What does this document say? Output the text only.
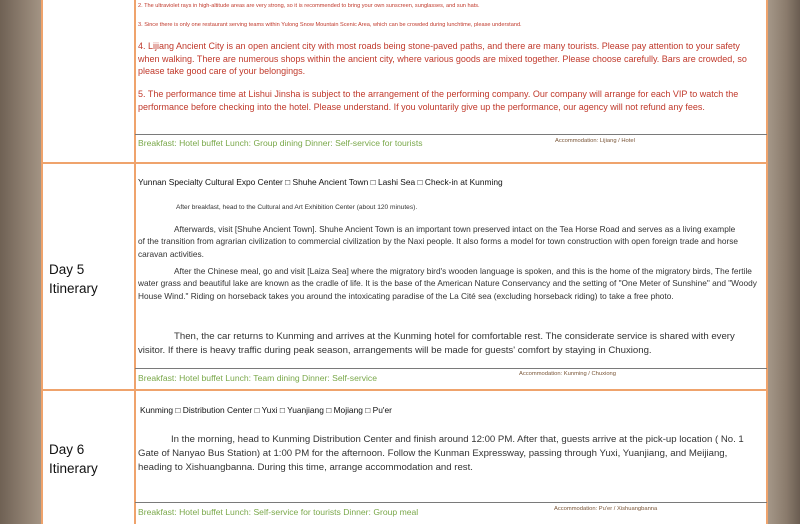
2. The ultraviolet rays in high-altitude areas are very strong, so it is recommended to bring your own sunscreen, sunglasses, and sun hats.

3. Since there is only one restaurant serving teams within Yulong Snow Mountain Scenic Area, which can be crowded during lunchtime, please understand.

4. Lijiang Ancient City is an open ancient city with most roads being stone-paved paths, and there are many tourists. Please pay attention to your safety when walking. There are numerous shops within the ancient city, where various goods are mixed together. Please choose carefully. Bars are crowded, so please take good care of your belongings.

5. The performance time at Lishui Jinsha is subject to the arrangement of the performing company. Our company will arrange for each VIP to watch the performance before checking into the hotel. Please understand. If you voluntarily give up the performance, our agency will not refund any fees.

Breakfast: Hotel buffet Lunch: Group dining Dinner: Self-service for tourists	Accommodation: Lijiang / Hotel

Day 5
Itinerary

Yunnan Specialty Cultural Expo Center □ Shuhe Ancient Town □ Lashi Sea □ Check-in at Kunming

After breakfast, head to the Cultural and Art Exhibition Center (about 120 minutes).

Afterwards, visit [Shuhe Ancient Town]. Shuhe Ancient Town is an important town preserved intact on the Tea Horse Road and serves as a living example of the transition from agrarian civilization to commercial civilization by the Naxi people. It also forms a model for town construction with open foreign trade and horse caravan activities.

After the Chinese meal, go and visit [Laiza Sea] where the migratory bird's wooden language is spoken, and this is the home of the migratory birds, The fertile water grass and beautiful lake are known as the cradle of life. It is the base of the American Nature Conservancy and the setting of "One Meter of Sunshine" and "Woody House Wind." Riding on horseback takes you around the intoxicating paradise of the La Cité sea (excluding horseback riding) to take a free photo.

Then, the car returns to Kunming and arrives at the Kunming hotel for comfortable rest. The considerate service is shared with every visitor. If there is heavy traffic during peak season, arrangements will be made for guests' comfort by staying in Chuxiong.

Breakfast: Hotel buffet Lunch: Team dining Dinner: Self-service	Accommodation: Kunming / Chuxiong

Day 6
Itinerary

Kunming □ Distribution Center □ Yuxi □ Yuanjiang □ Mojiang □ Pu'er

In the morning, head to Kunming Distribution Center and finish around 12:00 PM. After that, guests arrive at the pick-up location ( No. 1 Gate of Nanyao Bus Station) at 1:00 PM for the afternoon. Follow the Kunman Expressway, passing through Yuxi, Yuanjiang, and Meijiang, heading to Xishuangbanna. During this time, arrange accommodation and rest.

Breakfast: Hotel buffet Lunch: Self-service for tourists Dinner: Group meal	Accommodation: Pu'er / Xishuangbanna
